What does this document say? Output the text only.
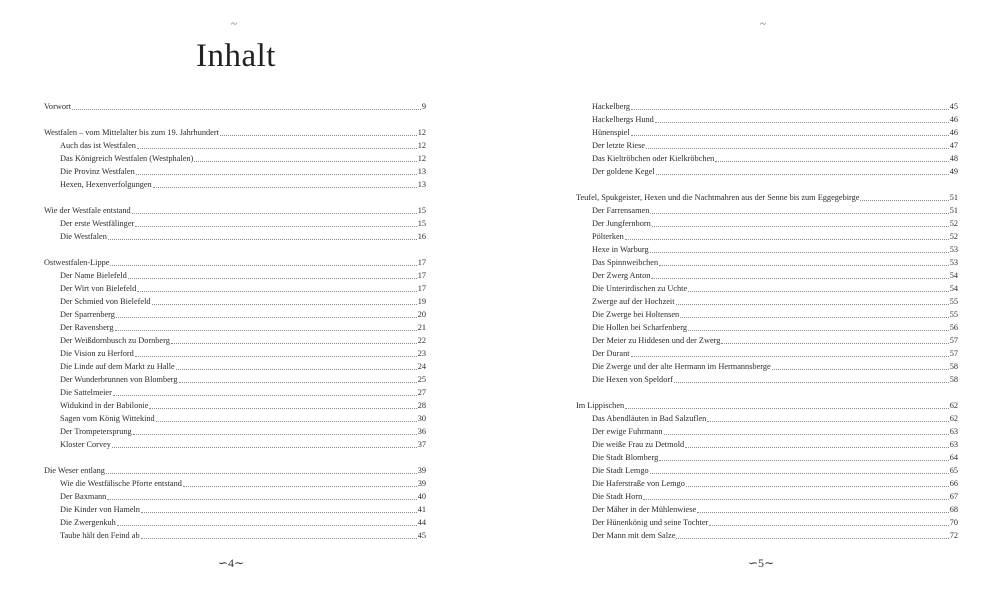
~
Inhalt
Vorwort	9
Westfalen – vom Mittelalter bis zum 19. Jahrhundert	12
Auch das ist Westfalen	12
Das Königreich Westfalen (Westphalen)	12
Die Provinz Westfalen	13
Hexen, Hexenverfolgungen	13
Wie der Westfale entstand	15
Der erste Westfälinger	15
Die Westfalen	16
Ostwestfalen-Lippe	17
Der Name Bielefeld	17
Der Wirt von Bielefeld	17
Der Schmied von Bielefeld	19
Der Sparrenberg	20
Der Ravensberg	21
Der Weißdornbusch zu Dornberg	22
Die Vision zu Herford	23
Die Linde auf dem Markt zu Halle	24
Der Wunderbrunnen von Blomberg	25
Die Sattelmeier	27
Widukind in der Babilonie	28
Sagen vom König Wittekind	30
Der Trompetersprung	36
Kloster Corvey	37
Die Weser entlang	39
Wie die Westfälische Pforte entstand	39
Der Baxmann	40
Die Kinder von Hameln	41
Die Zwergenkuh	44
Taube hält den Feind ab	45
∽4∼
~
Hackelberg	45
Hackelbergs Hund	46
Hünenspiel	46
Der letzte Riese	47
Das Kieltröbchen oder Kielkröbchen	48
Der goldene Kegel	49
Teufel, Spukgeister, Hexen und die Nachtmahren aus der Senne bis zum Eggegebirge	51
Der Farrensamen	51
Der Jungfernborn	52
Pölterken	52
Hexe in Warburg	53
Das Spinnweibchen	53
Der Zwerg Anton	54
Die Unterirdischen zu Uchte	54
Zwerge auf der Hochzeit	55
Die Zwerge bei Holtensen	55
Die Hollen bei Scharfenberg	56
Der Meier zu Hiddesen und der Zwerg	57
Der Durant	57
Die Zwerge und der alte Hermann im Hermannsberge	58
Die Hexen von Speldorf	58
Im Lippischen	62
Das Abendläuten in Bad Salzuflen	62
Der ewige Fuhrmann	63
Die weiße Frau zu Detmold	63
Die Stadt Blomberg	64
Die Stadt Lemgo	65
Die Haferstraße von Lemgo	66
Die Stadt Horn	67
Der Mäher in der Mühlenwiese	68
Der Hünenkönig und seine Tochter	70
Der Mann mit dem Salze	72
∽5∼
